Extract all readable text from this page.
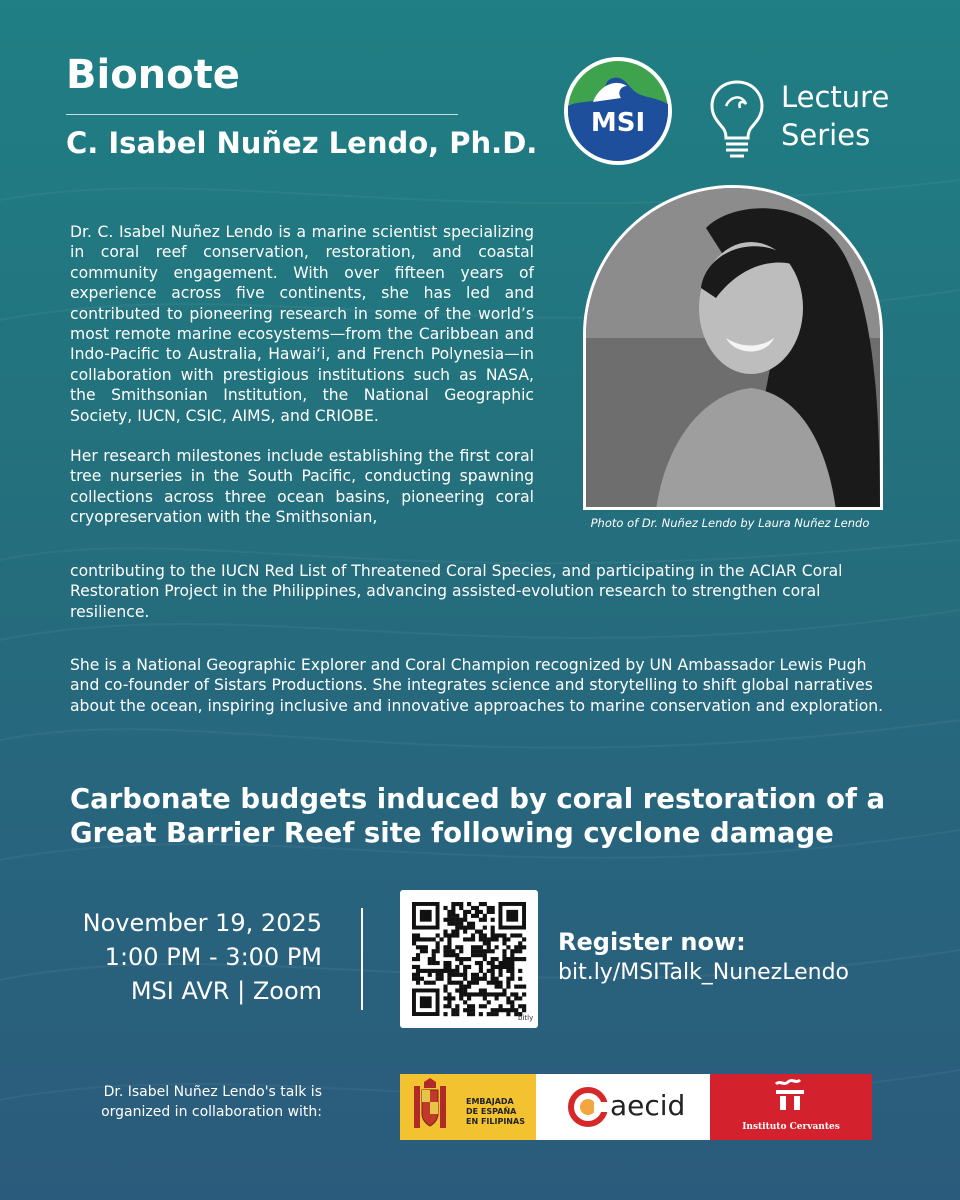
Bionote
C. Isabel Nuñez Lendo, Ph.D.
MSI
Lecture
Series

Dr. C. Isabel Nuñez Lendo is a marine scientist specializing in coral reef conservation, restoration, and coastal community engagement. With over fifteen years of experience across five continents, she has led and contributed to pioneering research in some of the world’s most remote marine ecosystems—from the Caribbean and Indo-Pacific to Australia, Hawai‘i, and French Polynesia—in collaboration with prestigious institutions such as NASA, the Smithsonian Institution, the National Geographic Society, IUCN, CSIC, AIMS, and CRIOBE.

Her research milestones include establishing the first coral tree nurseries in the South Pacific, conducting spawning collections across three ocean basins, pioneering coral cryopreservation with the Smithsonian,

contributing to the IUCN Red List of Threatened Coral Species, and participating in the ACIAR Coral Restoration Project in the Philippines, advancing assisted-evolution research to strengthen coral resilience.

She is a National Geographic Explorer and Coral Champion recognized by UN Ambassador Lewis Pugh and co-founder of Sistars Productions. She integrates science and storytelling to shift global narratives about the ocean, inspiring inclusive and innovative approaches to marine conservation and exploration.
Photo of Dr. Nuñez Lendo by Laura Nuñez Lendo
Carbonate budgets induced by coral restoration of a Great Barrier Reef site following cyclone damage
November 19, 2025
1:00 PM - 3:00 PM
MSI AVR | Zoom
bitly
Register now:
bit.ly/MSITalk_NunezLendo
Dr. Isabel Nuñez Lendo's talk is organized in collaboration with:
EMBAJADA
DE ESPAÑA
EN FILIPINAS	aecid
Instituto Cervantes
